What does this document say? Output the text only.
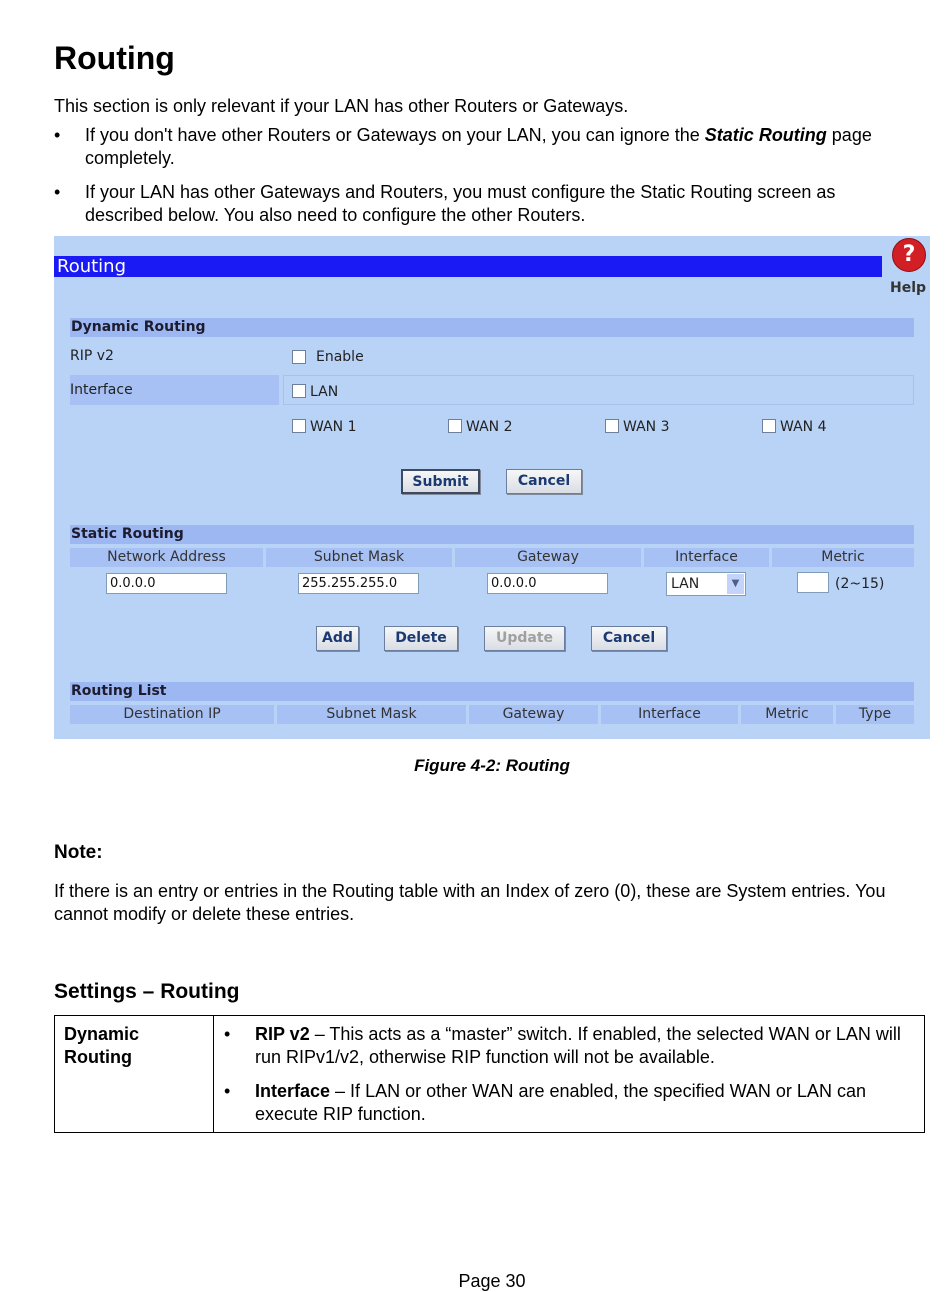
Routing
This section is only relevant if your LAN has other Routers or Gateways.
• If you don't have other Routers or Gateways on your LAN, you can ignore the Static Routing page completely.
• If your LAN has other Gateways and Routers, you must configure the Static Routing screen as described below. You also need to configure the other Routers.
Routing	?
Help
Dynamic Routing
RIP v2	Enable
Interface	LAN
WAN 1	WAN 2	WAN 3	WAN 4
Submit	Cancel
Static Routing
Network Address	Subnet Mask	Gateway	Interface	Metric
0.0.0.0	255.255.255.0	0.0.0.0	LAN	▼	(2~15)
Add	Delete	Update	Cancel
Routing List
Destination IP	Subnet Mask	Gateway	Interface	Metric	Type
Figure 4-2: Routing
Note:
If there is an entry or entries in the Routing table with an Index of zero (0), these are System entries. You cannot modify or delete these entries.
Settings – Routing
Dynamic Routing	
• RIP v2 – This acts as a “master” switch. If enabled, the selected WAN or LAN will run RIPv1/v2, otherwise RIP function will not be available.
• Interface – If LAN or other WAN are enabled, the specified WAN or LAN can execute RIP function.
Page 30
